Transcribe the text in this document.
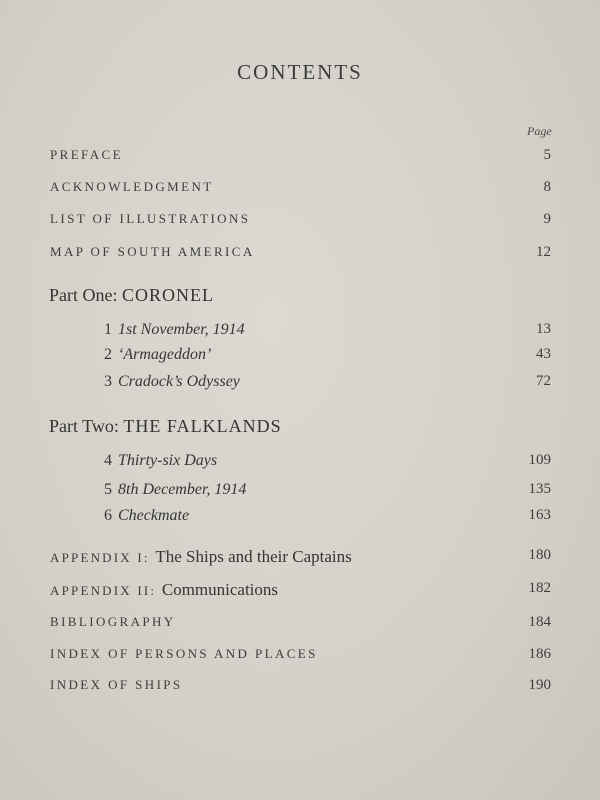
CONTENTS
Page
PREFACE	5
ACKNOWLEDGMENT	8
LIST OF ILLUSTRATIONS	9
MAP OF SOUTH AMERICA	12
Part One: CORONEL
1 1st November, 1914	13
2 ‘Armageddon’	43
3 Cradock’s Odyssey	72
Part Two: THE FALKLANDS
4 Thirty-six Days	109
5 8th December, 1914	135
6 Checkmate	163
APPENDIX I: The Ships and their Captains	180
APPENDIX II: Communications	182
BIBLIOGRAPHY	184
INDEX OF PERSONS AND PLACES	186
INDEX OF SHIPS	190
